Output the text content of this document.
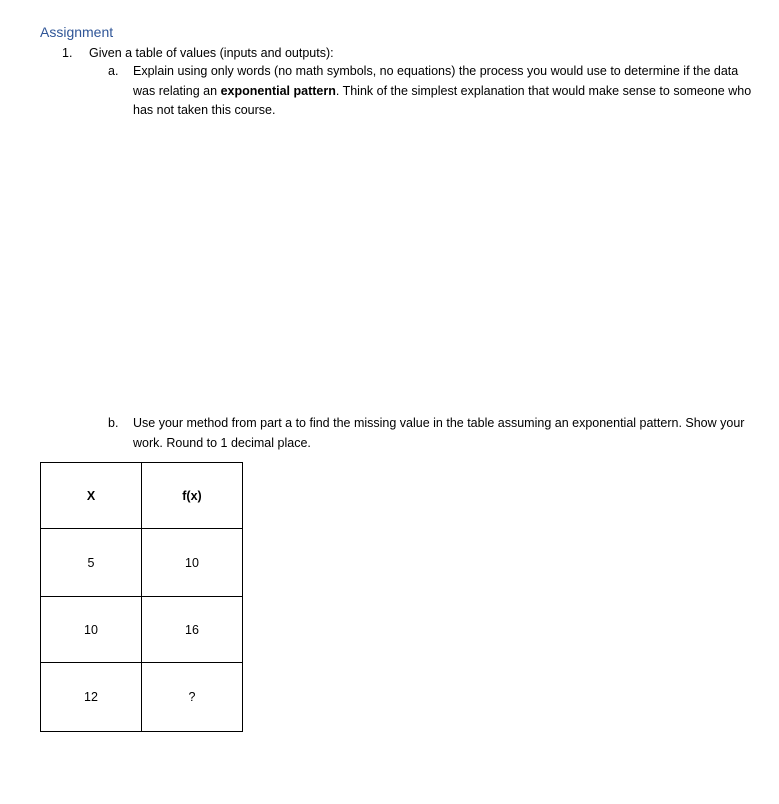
Assignment
1. Given a table of values (inputs and outputs):
a. Explain using only words (no math symbols, no equations) the process you would use to determine if the data was relating an exponential pattern. Think of the simplest explanation that would make sense to someone who has not taken this course.
b. Use your method from part a to find the missing value in the table assuming an exponential pattern. Show your work. Round to 1 decimal place.
X	f(x)
5	10
10	16
12	?
